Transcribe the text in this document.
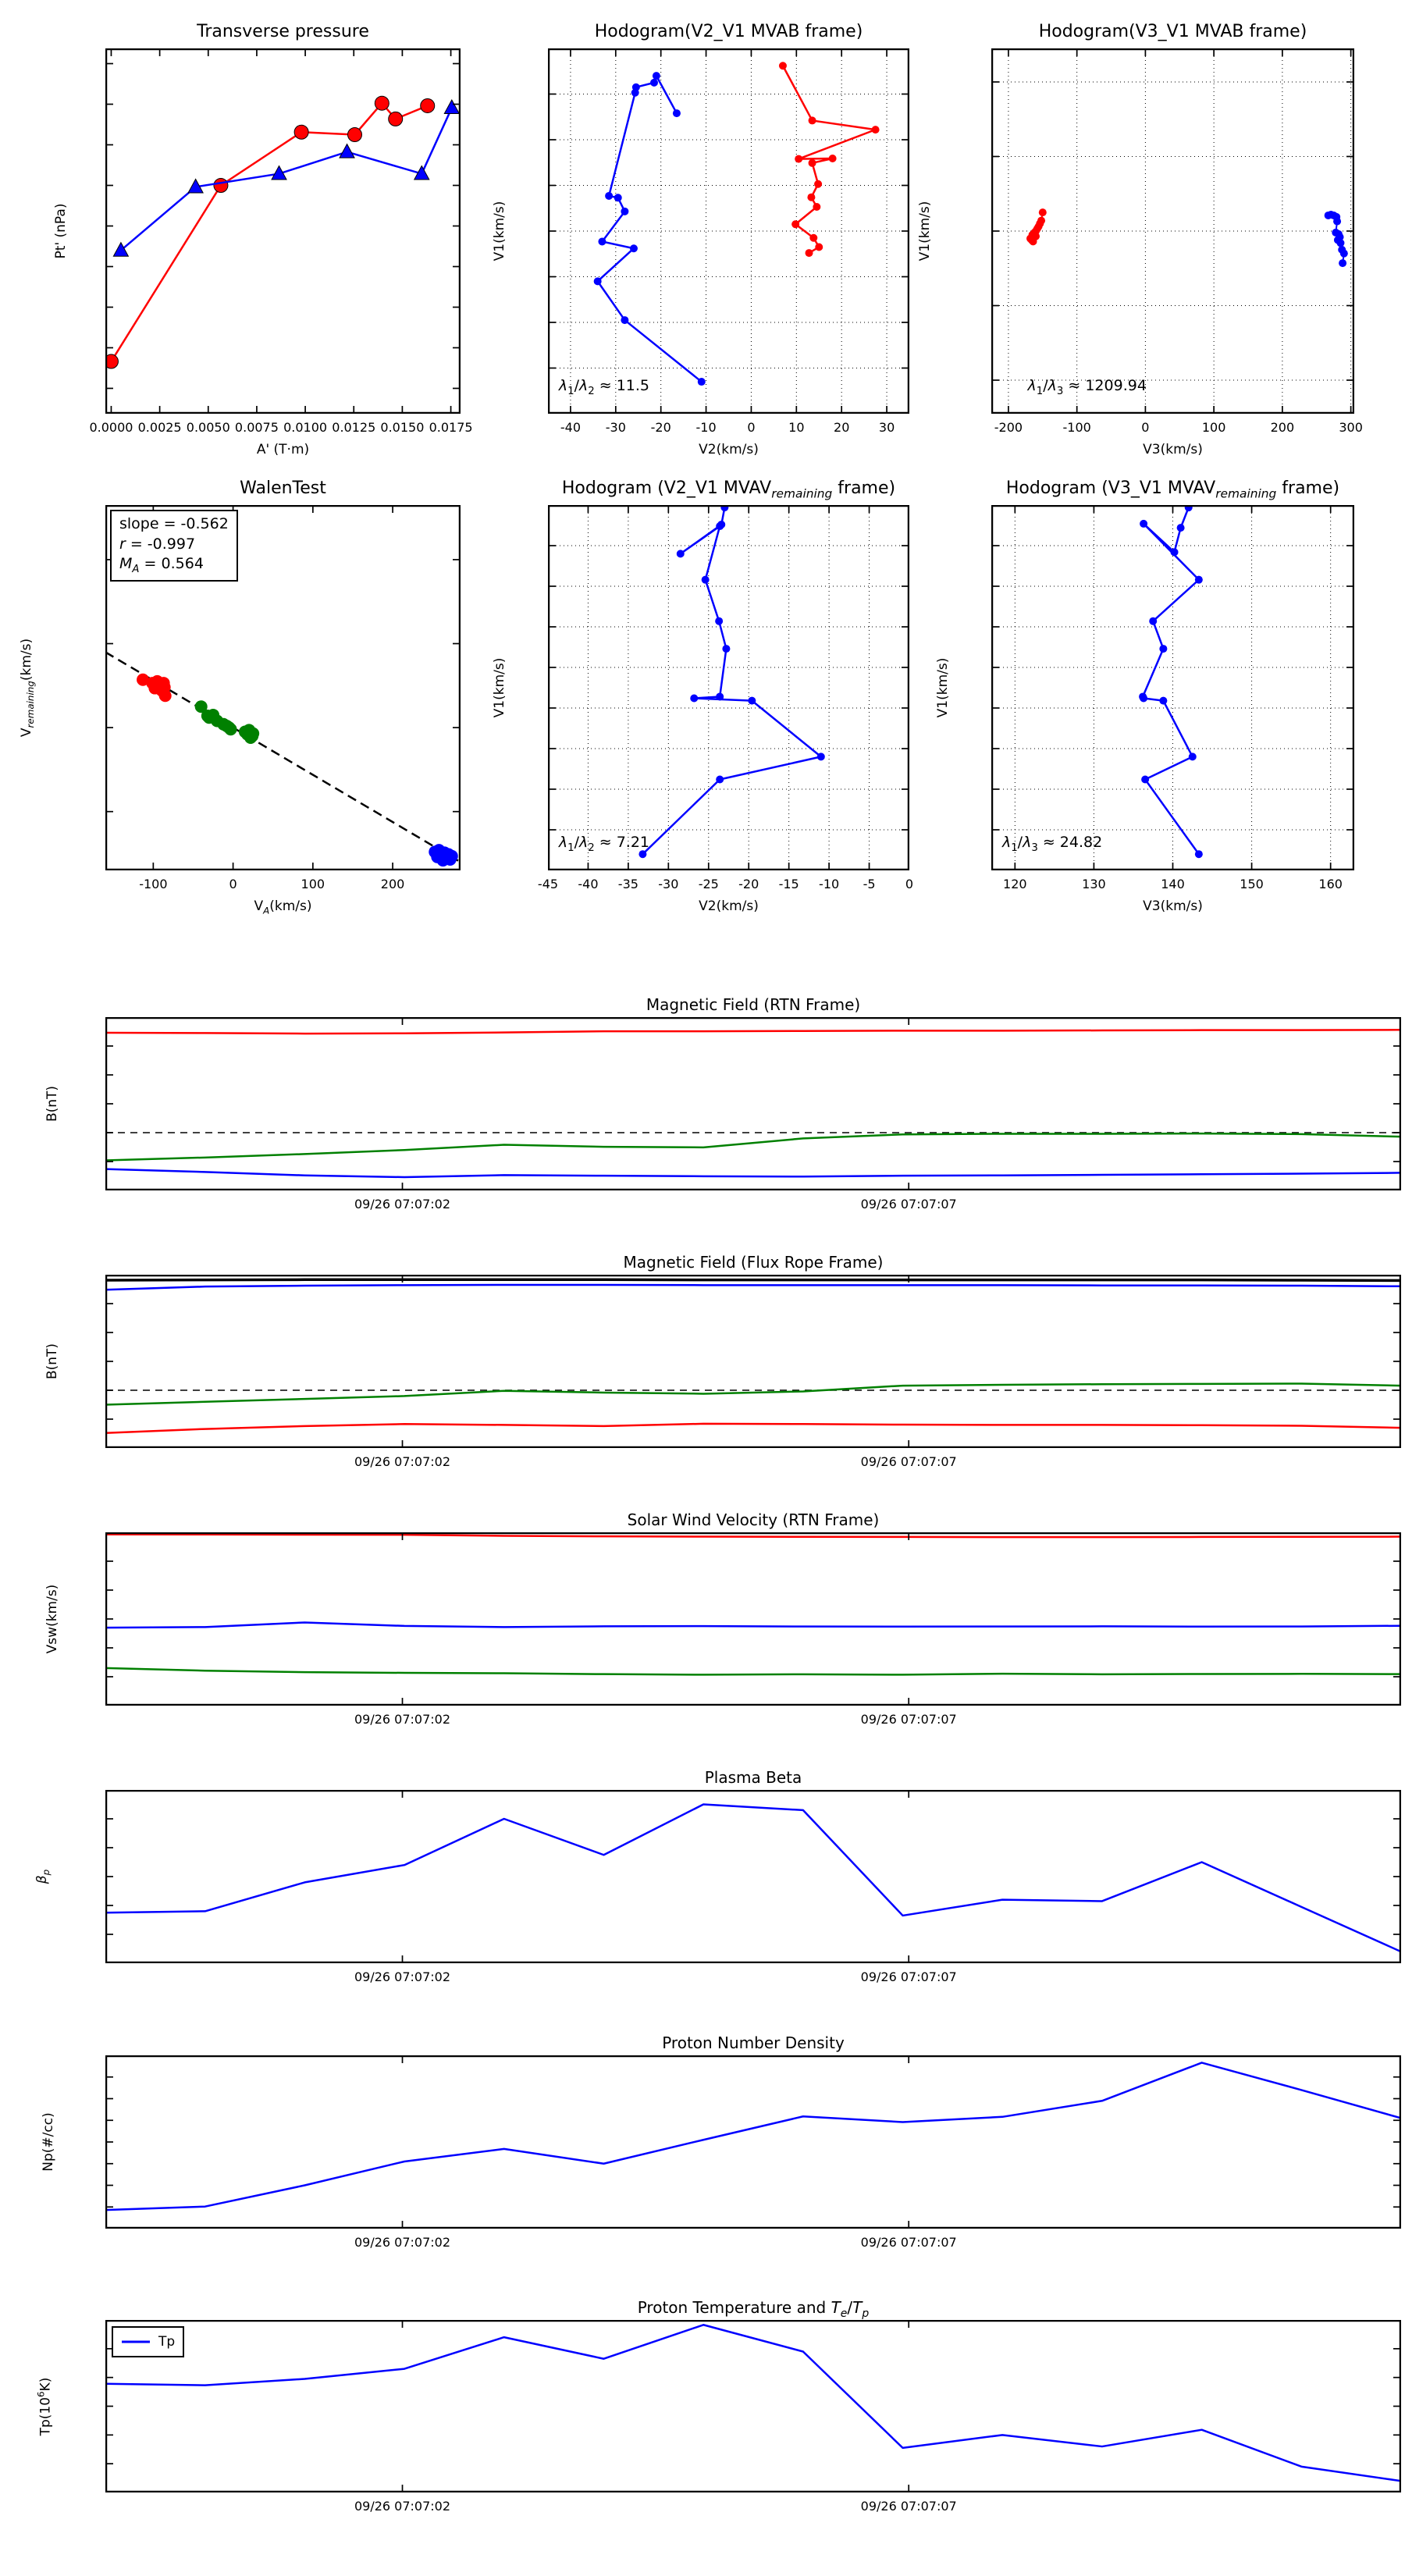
Transverse pressure
0.0000 0.0025 0.0050 0.0075 0.0100 0.0125 0.0150 0.0175
A' (T·m)
Pt' (nPa)
Hodogram(V2_V1 MVAB frame)
-40 -30 -20 -10 0	10 20 30
V2(km/s)
V1(km/s)
$\lambda_1/\lambda_2 \approx 11.5$
Hodogram(V3_V1 MVAB frame)
-200	-100	0	100	200	300
V3(km/s)
V1(km/s)
$\lambda_1/\lambda_3 \approx 1209.94$
WalenTest
-100	0	100	200
$V_A(km/s)$
$V_{remaining}(km/s)$
slope = -0.562
r = -0.997
$M_A = 0.564$
Hodogram (V2_V1 $MVAV_{remaining}$ frame)
-45 -40 -35 -30 -25 -20 -15 -10 -5 0
V2(km/s)
V1(km/s)
$\lambda_1/\lambda_2 \approx 7.21$
Hodogram (V3_V1 $MVAV_{remaining}$ frame)
120	130	140	150	160
V3(km/s)
V1(km/s)
$\lambda_1/\lambda_3 \approx 24.82$
Magnetic Field (RTN Frame)
09/26 07:07:02	09/26 07:07:07
B(nT)
Magnetic Field (Flux Rope Frame)
09/26 07:07:02	09/26 07:07:07
B(nT)
Solar Wind Velocity (RTN Frame)
09/26 07:07:02	09/26 07:07:07
Vsw(km/s)
Plasma Beta
09/26 07:07:02	09/26 07:07:07
$\beta_p$
Proton Number Density
09/26 07:07:02	09/26 07:07:07
Np(#/cc)
Proton Temperature and $T_e/T_p$
09/26 07:07:02	09/26 07:07:07
$Tp(10^6K)$
Tp
